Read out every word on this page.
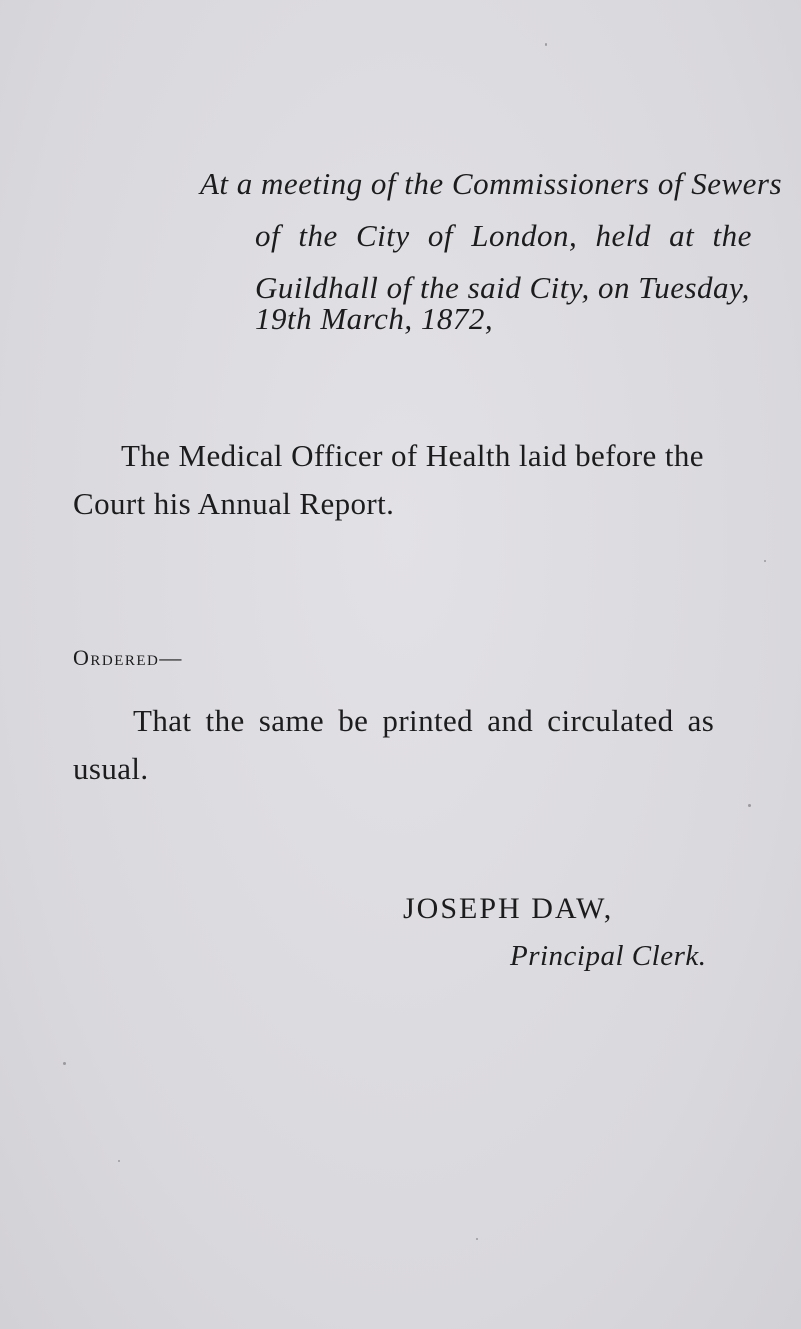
At a meeting of the Commissioners of Sewers
of the City of London, held at the
Guildhall of the said City, on Tuesday,
19th March, 1872,
The Medical Officer of Health laid before the
Court his Annual Report.
Ordered—
That the same be printed and circulated as
usual.
JOSEPH DAW,
Principal Clerk.
